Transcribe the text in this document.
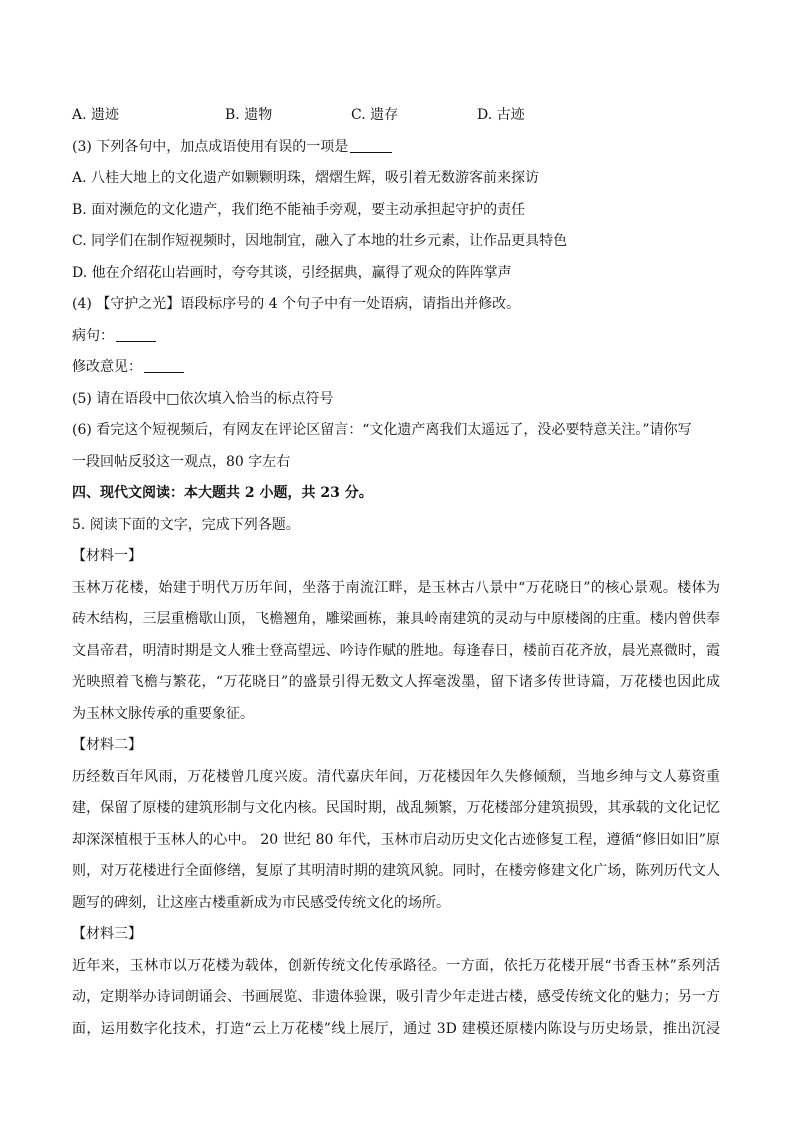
A. 遗迹	B. 遗物	C. 遗存	D. 古迹
(3) 下列各句中，加点成语使用有误的一项是
A. 八桂大地上的文化遗产如颗颗明珠，熠熠生辉，吸引着无数游客前来探访
B. 面对濒危的文化遗产，我们绝不能袖手旁观，要主动承担起守护的责任
C. 同学们在制作短视频时，因地制宜，融入了本地的壮乡元素，让作品更具特色
D. 他在介绍花山岩画时，夸夸其谈，引经据典，赢得了观众的阵阵掌声
(4) 【守护之光】语段标序号的 4 个句子中有一处语病，请指出并修改。
病句：
修改意见：
(5) 请在语段中□依次填入恰当的标点符号
(6) 看完这个短视频后，有网友在评论区留言：“文化遗产离我们太遥远了，没必要特意关注。”请你写
一段回帖反驳这一观点，80 字左右
四、现代文阅读：本大题共 2 小题，共 23 分。
5. 阅读下面的文字，完成下列各题。
【材料一】
玉林万花楼，始建于明代万历年间，坐落于南流江畔，是玉林古八景中“万花晓日”的核心景观。楼体为
砖木结构，三层重檐歇山顶，飞檐翘角，雕梁画栋，兼具岭南建筑的灵动与中原楼阁的庄重。楼内曾供奉
文昌帝君，明清时期是文人雅士登高望远、吟诗作赋的胜地。每逢春日，楼前百花齐放，晨光熹微时，霞
光映照着飞檐与繁花，“万花晓日”的盛景引得无数文人挥毫泼墨，留下诸多传世诗篇，万花楼也因此成
为玉林文脉传承的重要象征。
【材料二】
历经数百年风雨，万花楼曾几度兴废。清代嘉庆年间，万花楼因年久失修倾颓，当地乡绅与文人募资重
建，保留了原楼的建筑形制与文化内核。民国时期，战乱频繁，万花楼部分建筑损毁，其承载的文化记忆
却深深植根于玉林人的心中。 20 世纪 80 年代，玉林市启动历史文化古迹修复工程，遵循“修旧如旧”原
则，对万花楼进行全面修缮，复原了其明清时期的建筑风貌。同时，在楼旁修建文化广场，陈列历代文人
题写的碑刻，让这座古楼重新成为市民感受传统文化的场所。
【材料三】
近年来，玉林市以万花楼为载体，创新传统文化传承路径。一方面，依托万花楼开展“书香玉林”系列活
动，定期举办诗词朗诵会、书画展览、非遗体验课，吸引青少年走进古楼，感受传统文化的魅力；另一方
面，运用数字化技术，打造“云上万花楼”线上展厅，通过 3D 建模还原楼内陈设与历史场景，推出沉浸
